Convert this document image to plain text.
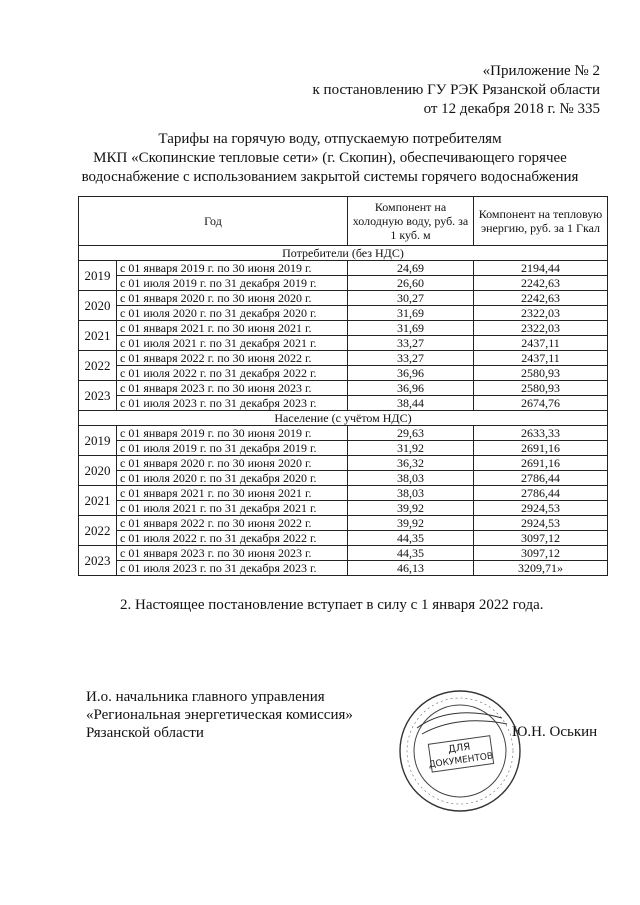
«Приложение № 2
к постановлению ГУ РЭК Рязанской области
от 12 декабря 2018 г. № 335
Тарифы на горячую воду, отпускаемую потребителям
МКП «Скопинские тепловые сети» (г. Скопин), обеспечивающего горячее
водоснабжение с использованием закрытой системы горячего водоснабжения
Год		Компонент на холодную воду, руб. за 1 куб. м	Компонент на тепловую энергию, руб. за 1 Гкал
Потребители (без НДС)			
2019	с 01 января 2019 г. по 30 июня 2019 г.	24,69	2194,44
	с 01 июля 2019 г. по 31 декабря 2019 г.	26,60	2242,63
2020	с 01 января 2020 г. по 30 июня 2020 г.	30,27	2242,63
	с 01 июля 2020 г. по 31 декабря 2020 г.	31,69	2322,03
2021	с 01 января 2021 г. по 30 июня 2021 г.	31,69	2322,03
	с 01 июля 2021 г. по 31 декабря 2021 г.	33,27	2437,11
2022	с 01 января 2022 г. по 30 июня 2022 г.	33,27	2437,11
	с 01 июля 2022 г. по 31 декабря 2022 г.	36,96	2580,93
2023	с 01 января 2023 г. по 30 июня 2023 г.	36,96	2580,93
	с 01 июля 2023 г. по 31 декабря 2023 г.	38,44	2674,76
Население (с учётом НДС)			
2019	с 01 января 2019 г. по 30 июня 2019 г.	29,63	2633,33
	с 01 июля 2019 г. по 31 декабря 2019 г.	31,92	2691,16
2020	с 01 января 2020 г. по 30 июня 2020 г.	36,32	2691,16
	с 01 июля 2020 г. по 31 декабря 2020 г.	38,03	2786,44
2021	с 01 января 2021 г. по 30 июня 2021 г.	38,03	2786,44
	с 01 июля 2021 г. по 31 декабря 2021 г.	39,92	2924,53
2022	с 01 января 2022 г. по 30 июня 2022 г.	39,92	2924,53
	с 01 июля 2022 г. по 31 декабря 2022 г.	44,35	3097,12
2023	с 01 января 2023 г. по 30 июня 2023 г.	44,35	3097,12
	с 01 июля 2023 г. по 31 декабря 2023 г.	46,13	3209,71»
2. Настоящее постановление вступает в силу с 1 января 2022 года.
И.о. начальника главного управления
«Региональная энергетическая комиссия»
Рязанской области
ДЛЯ
ДОКУМЕНТОВ
Ю.Н. Оськин
